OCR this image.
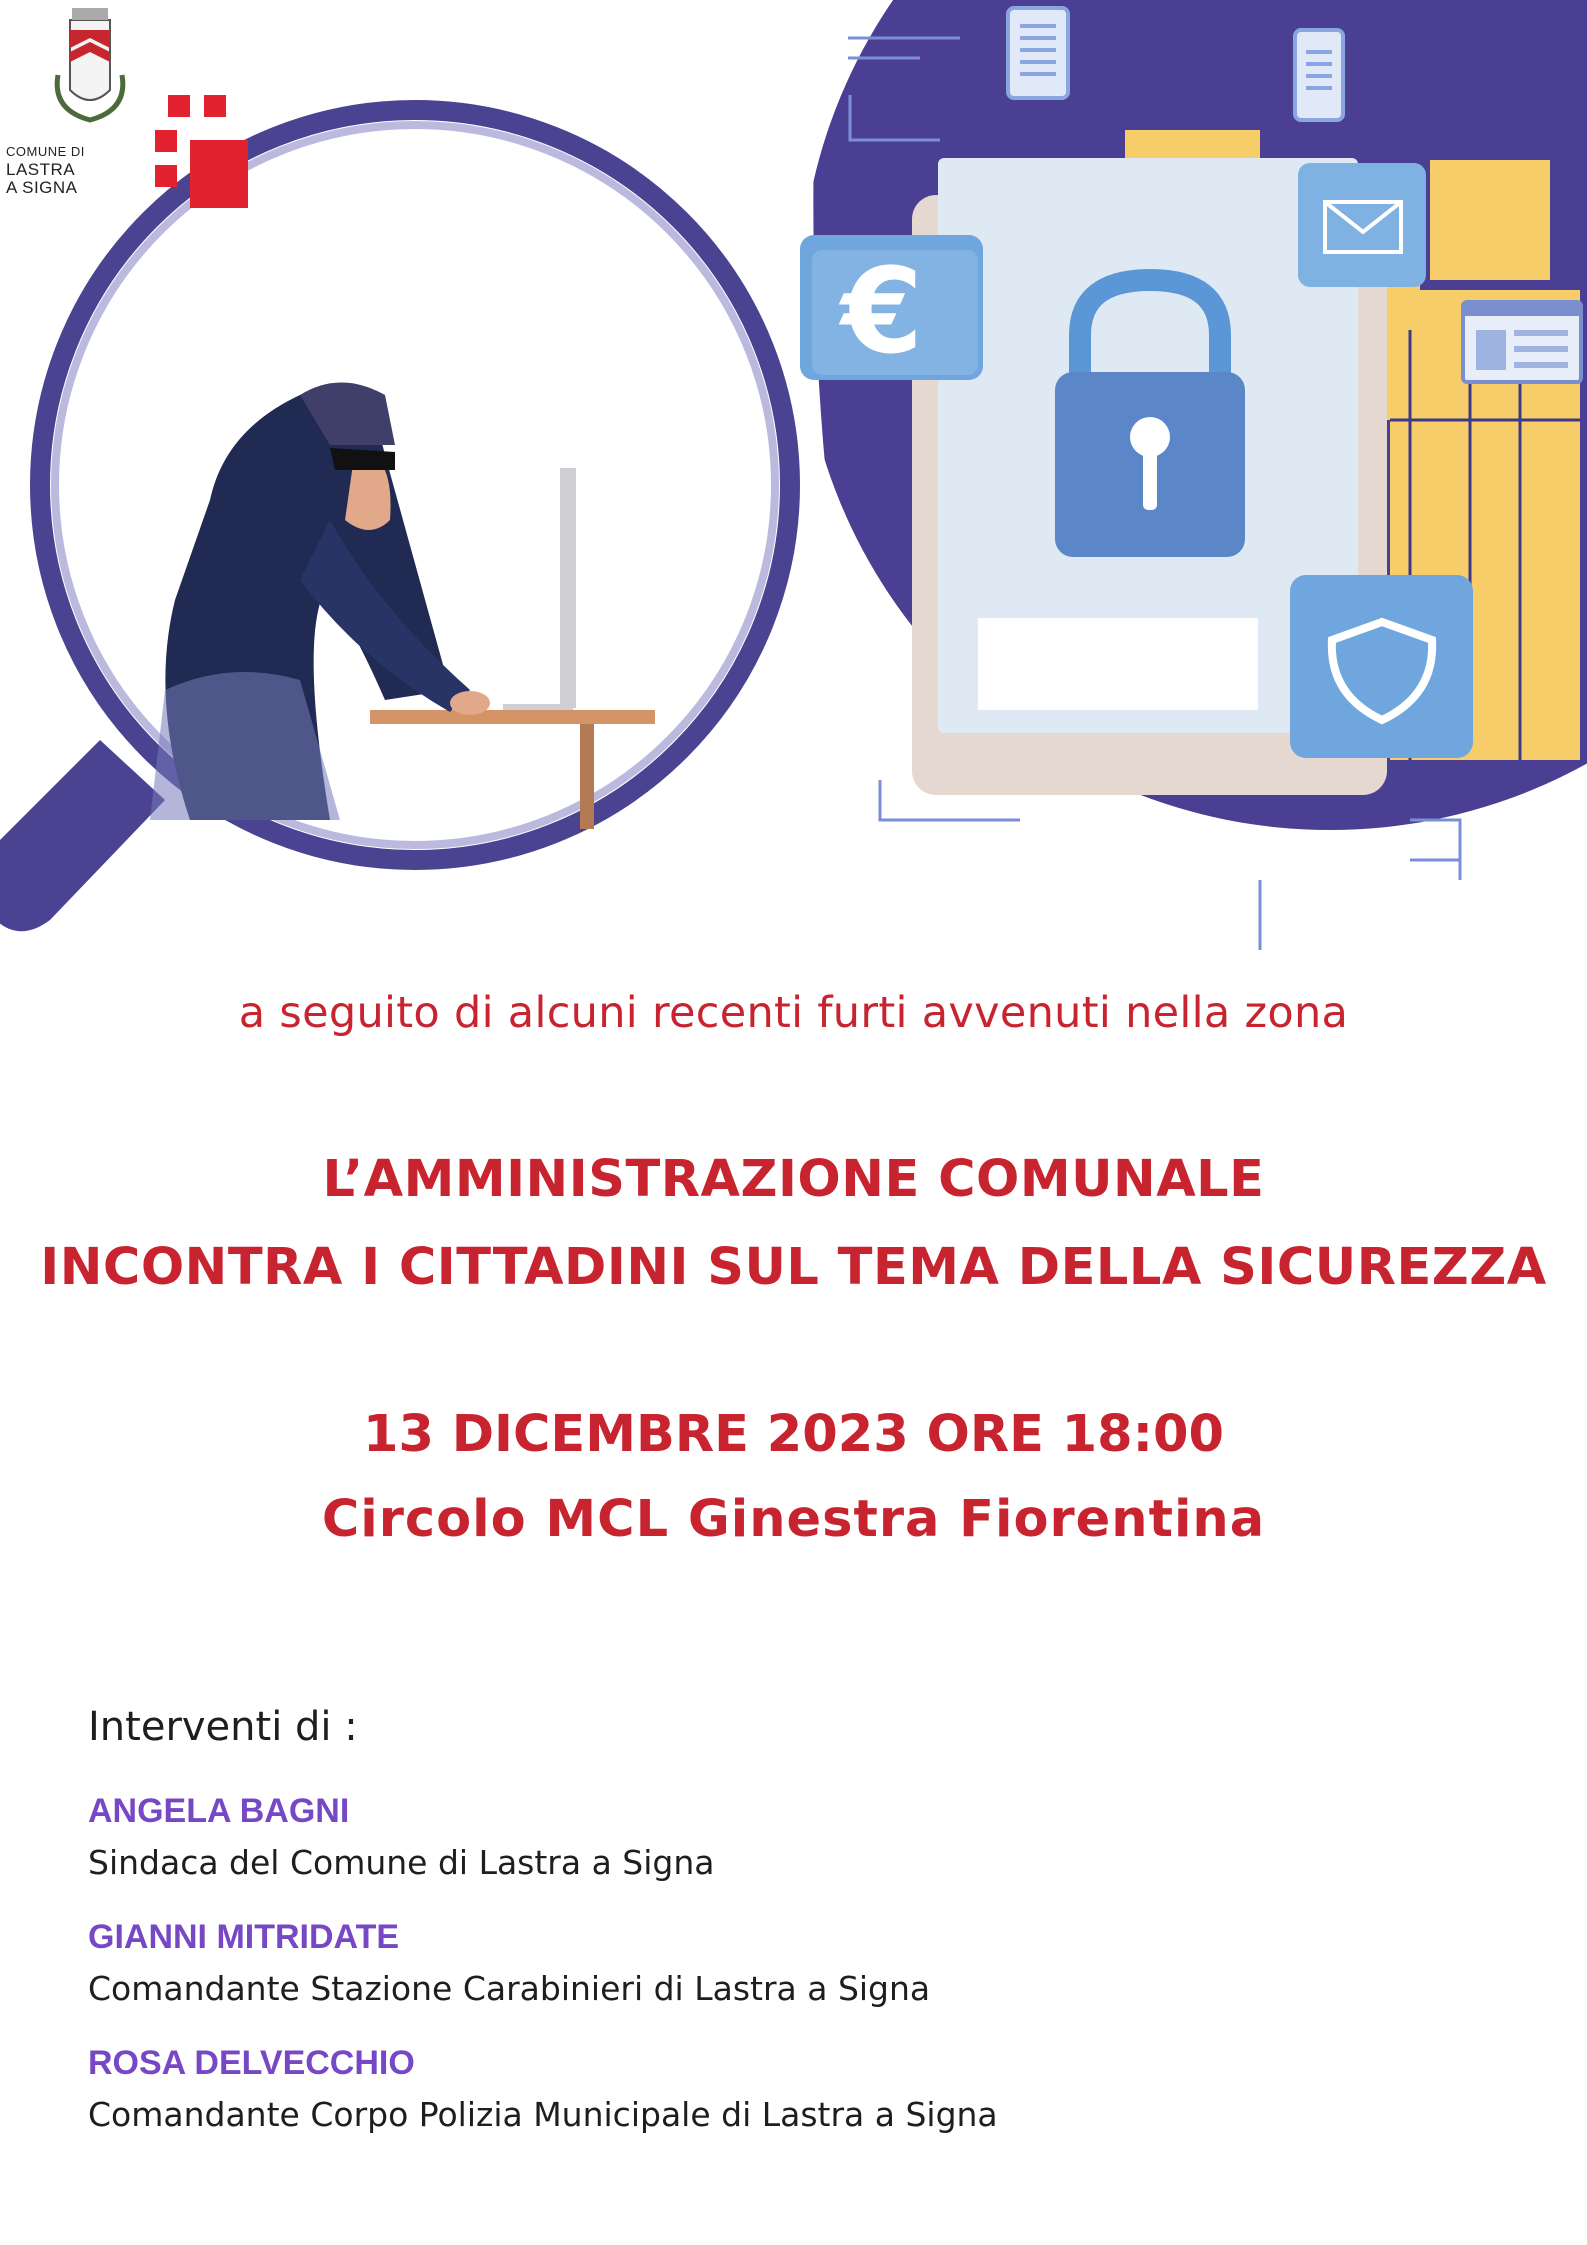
€
COMUNE DI
LASTRA
A SIGNA
a seguito di alcuni recenti furti avvenuti nella zona
L’AMMINISTRAZIONE COMUNALE
INCONTRA I CITTADINI SUL TEMA DELLA SICUREZZA
13 DICEMBRE 2023 ORE 18:00
Circolo MCL Ginestra Fiorentina
Interventi di :
ANGELA BAGNI
Sindaca del Comune di Lastra a Signa
GIANNI MITRIDATE
Comandante Stazione Carabinieri di Lastra a Signa
ROSA DELVECCHIO
Comandante Corpo Polizia Municipale di Lastra a Signa
